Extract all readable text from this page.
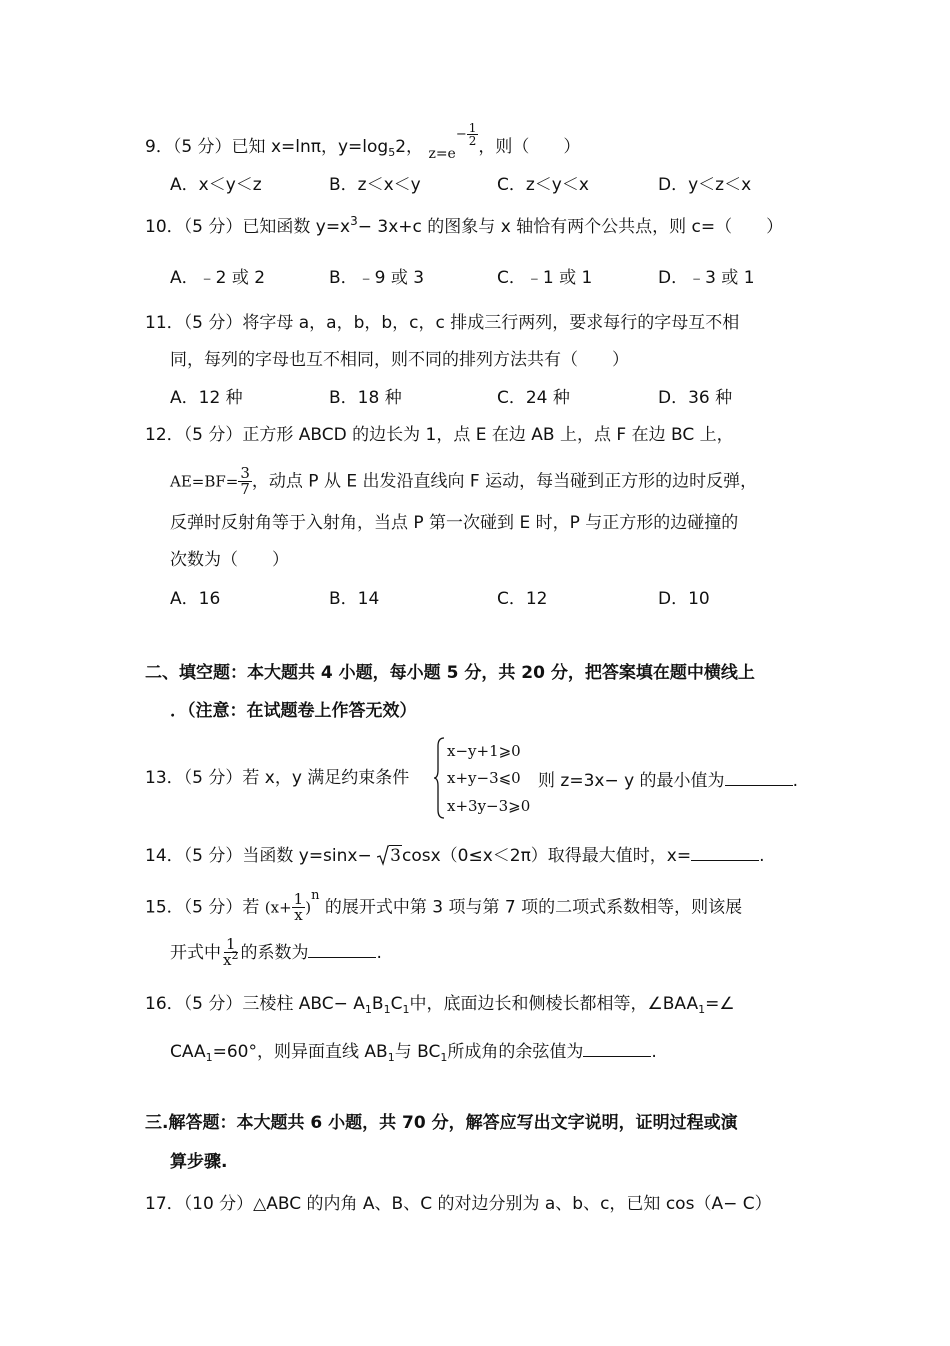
9．（5 分）已知 x=lnπ，$y=\log_52$， $_{z=e}- \frac{1}{2}$ ，则（　　）
A．x＜y＜z	B．z＜x＜y	C．z＜y＜x	D．y＜z＜x
10．（5 分）已知函数 $y=x^3- 3x+c$ 的图象与 x 轴恰有两个公共点，则 c=（　　）
A．﹣2 或 2	B．﹣9 或 3	C．﹣1 或 1	D．﹣3 或 1
11．（5 分）将字母 a，a，b，b，c，c 排成三行两列，要求每行的字母互不相
同，每列的字母也互不相同，则不同的排列方法共有（　　）
A．12 种	B．18 种	C．24 种	D．36 种
12．（5 分）正方形 ABCD 的边长为 1，点 E 在边 AB 上，点 F 在边 BC 上，
$AE=BF= \frac{3}{7}$ ，动点 P 从 E 出发沿直线向 F 运动，每当碰到正方形的边时反弹，
反弹时反射角等于入射角，当点 P 第一次碰到 E 时，P 与正方形的边碰撞的
次数为（　　）
A．16	B．14	C．12	D．10
二、填空题：本大题共 4 小题，每小题 5 分，共 20 分，把答案填在题中横线上
．（注意：在试题卷上作答无效）
13．（5 分）若 x，y 满足约束条件
x−y+1⩾0
x+y−3⩽0
x+3y−3⩾0
则 z=3x− y 的最小值为	.
14．（5 分）当函数 y=sinx− 3cosx（0≤x＜2π）取得最大值时，x=	.
15．（5 分）若 $(x+ \frac{1}{x} )^n$ 的展开式中第 3 项与第 7 项的二项式系数相等，则该展
开式中 $\frac{1}{x^2}$ 的系数为	.
16．（5 分）三棱柱 $ABC- A_1B_1C_1$中，底面边长和侧棱长都相等，$\angle BAA_1=\angle$
$CAA_1=60^\circ$，则异面直线 $AB_1$与 $BC_1$所成角的余弦值为	.
三.解答题：本大题共 6 小题，共 70 分，解答应写出文字说明，证明过程或演
算步骤.
17．（10 分）△ABC 的内角 A、B、C 的对边分别为 a、b、c，已知 cos（A− C）
